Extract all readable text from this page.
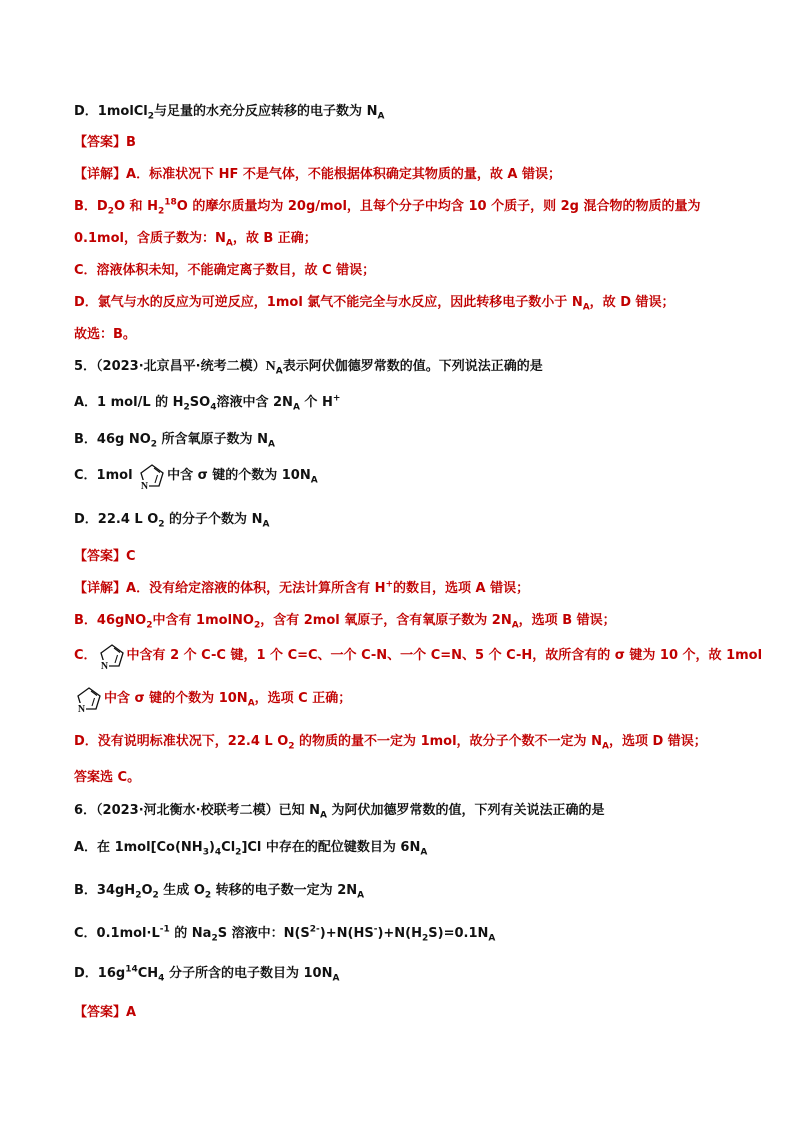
D．1molCl$_2$与足量的水充分反应转移的电子数为 $N_A$
【答案】B
【详解】A．标准状况下 HF 不是气体，不能根据体积确定其物质的量，故 A 错误；
B．$D_2O$ 和 $H_2^{18}O$ 的摩尔质量均为 20g/mol，且每个分子中均含 10 个质子，则 2g 混合物的物质的量为
0.1mol，含质子数为：$N_A$，故 B 正确；
C．溶液体积未知，不能确定离子数目，故 C 错误；
D．氯气与水的反应为可逆反应，1mol 氯气不能完全与水反应，因此转移电子数小于 $N_A$，故 D 错误；
故选：B。
5．（2023·北京昌平·统考二模）$N_A$表示阿伏伽德罗常数的值。下列说法正确的是
A．1 mol/L 的 $H_2SO_4$溶液中含 $2N_A$ 个 H+
B．46g $NO_2$ 所含氧原子数为 $N_A$
C．1mol
N
中含 σ 键的个数为 $10N_A$
D．22.4 L $O_2$ 的分子个数为 $N_A$
【答案】C
【详解】A．没有给定溶液的体积，无法计算所含有 H+的数目，选项 A 错误；
B．46gNO$_2$中含有 1molNO$_2$，含有 2mol 氧原子，含有氧原子数为 $2N_A$，选项 B 错误；
C．
N
中含有 2 个 C-C 键，1 个 C=C、一个 C-N、一个 C=N、5 个 C-H，故所含有的 σ 键为 10 个，故 1mol
N
中含 σ 键的个数为 $10N_A$，选项 C 正确；
D．没有说明标准状况下，22.4 L $O_2$ 的物质的量不一定为 1mol，故分子个数不一定为 $N_A$，选项 D 错误；
答案选 C。
6．（2023·河北衡水·校联考二模）已知 $N_A$ 为阿伏加德罗常数的值，下列有关说法正确的是
A．在 $1mol[Co(NH_3)_4Cl_2]Cl$ 中存在的配位键数目为 $6N_A$
B．$34gH_2O_2$ 生成 $O_2$ 转移的电子数一定为 $2N_A$
C．$0.1mol\cdot L^{-1}$ 的 $Na_2S$ 溶液中：$N(S^{2-})+N(HS^-)+N(H_2S)=0.1N_A$
D．$16g^{14}CH_4$ 分子所含的电子数目为 $10N_A$
【答案】A
